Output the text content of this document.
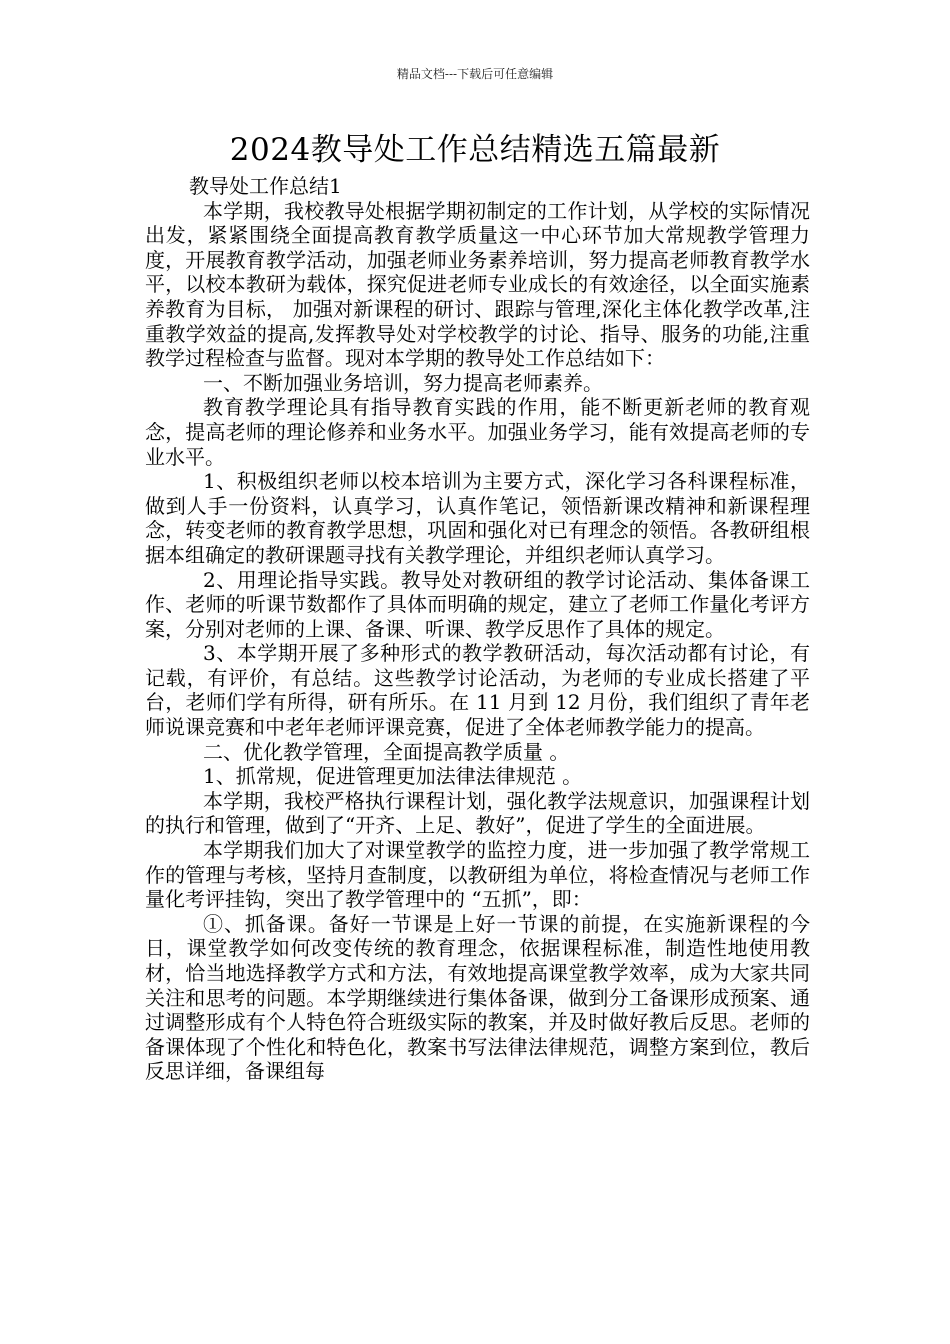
精品文档---下载后可任意编辑
2024教导处工作总结精选五篇最新

教导处工作总结1

本学期，我校教导处根据学期初制定的工作计划，从学校的实际情况出发，紧紧围绕全面提高教育教学质量这一中心环节加大常规教学管理力度，开展教育教学活动，加强老师业务素养培训，努力提高老师教育教学水平，以校本教研为载体，探究促进老师专业成长的有效途径，以全面实施素养教育为目标， 加强对新课程的研讨、跟踪与管理,深化主体化教学改革,注重教学效益的提高,发挥教导处对学校教学的讨论、指导、服务的功能,注重教学过程检查与监督。现对本学期的教导处工作总结如下：

一、不断加强业务培训，努力提高老师素养。

教育教学理论具有指导教育实践的作用，能不断更新老师的教育观念，提高老师的理论修养和业务水平。加强业务学习，能有效提高老师的专业水平。

1、积极组织老师以校本培训为主要方式，深化学习各科课程标准，做到人手一份资料，认真学习，认真作笔记，领悟新课改精神和新课程理念，转变老师的教育教学思想，巩固和强化对已有理念的领悟。各教研组根据本组确定的教研课题寻找有关教学理论，并组织老师认真学习。

2、用理论指导实践。教导处对教研组的教学讨论活动、集体备课工作、老师的听课节数都作了具体而明确的规定，建立了老师工作量化考评方案，分别对老师的上课、备课、听课、教学反思作了具体的规定。

3、本学期开展了多种形式的教学教研活动，每次活动都有讨论，有记载，有评价，有总结。这些教学讨论活动，为老师的专业成长搭建了平台，老师们学有所得，研有所乐。在 11 月到 12 月份，我们组织了青年老师说课竞赛和中老年老师评课竞赛，促进了全体老师教学能力的提高。

二、优化教学管理，全面提高教学质量 。

1、抓常规，促进管理更加法律法律规范 。

本学期，我校严格执行课程计划，强化教学法规意识，加强课程计划的执行和管理，做到了“开齐、上足、教好”，促进了学生的全面进展。

本学期我们加大了对课堂教学的监控力度，进一步加强了教学常规工作的管理与考核，坚持月查制度，以教研组为单位，将检查情况与老师工作量化考评挂钩，突出了教学管理中的 “五抓”，即：

①、抓备课。备好一节课是上好一节课的前提，在实施新课程的今日，课堂教学如何改变传统的教育理念，依据课程标准，制造性地使用教材，恰当地选择教学方式和方法，有效地提高课堂教学效率，成为大家共同关注和思考的问题。本学期继续进行集体备课，做到分工备课形成预案、通过调整形成有个人特色符合班级实际的教案，并及时做好教后反思。老师的备课体现了个性化和特色化，教案书写法律法律规范，调整方案到位，教后反思详细，备课组每
